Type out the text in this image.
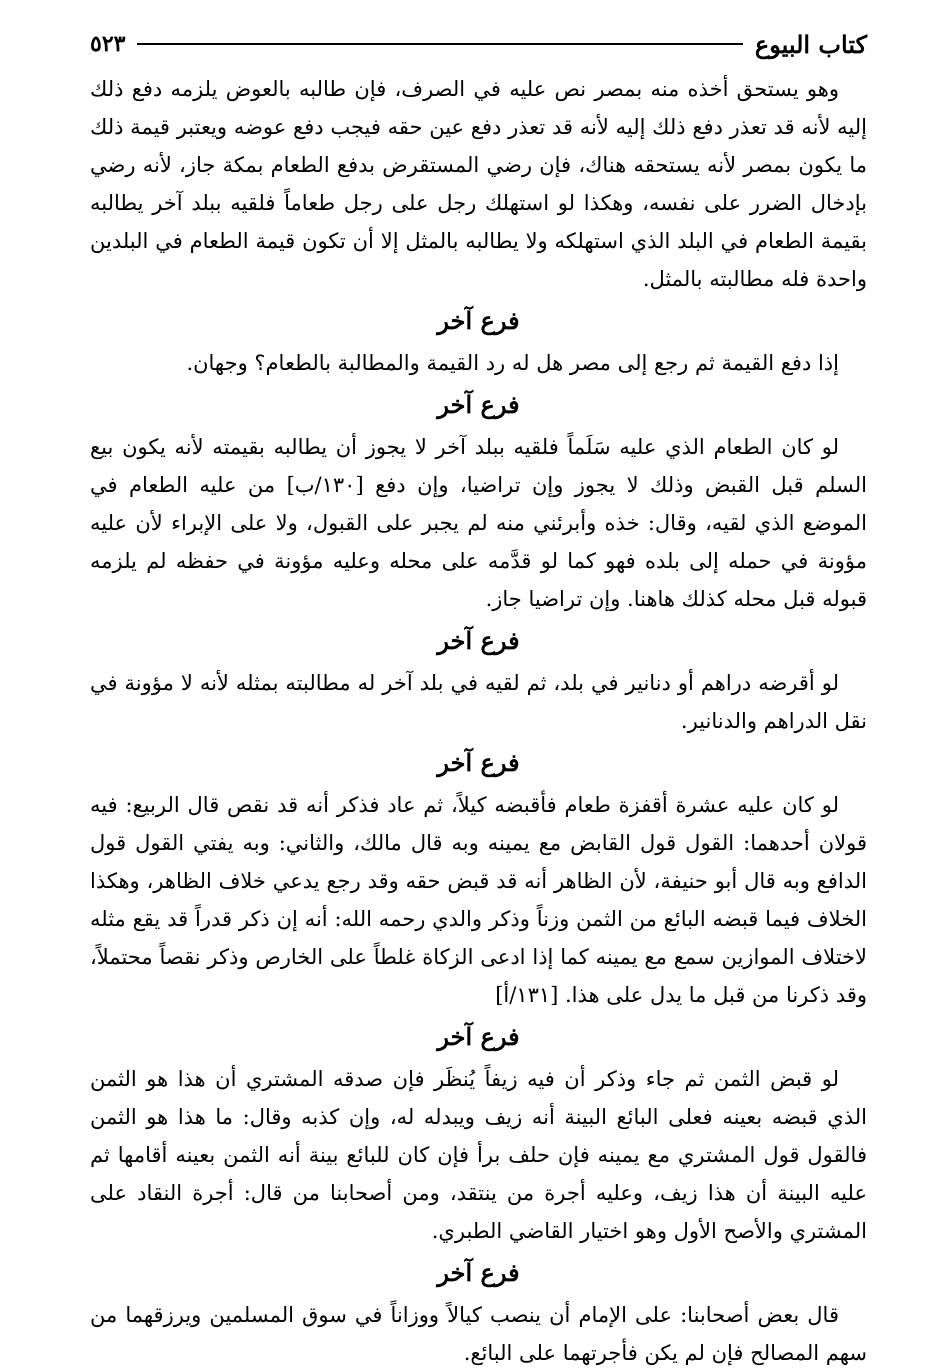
كتاب البيوع
٥٢٣

وهو يستحق أخذه منه بمصر نص عليه في الصرف، فإن طالبه بالعوض يلزمه دفع ذلك إليه لأنه قد تعذر دفع ذلك إليه لأنه قد تعذر دفع عين حقه فيجب دفع عوضه ويعتبر قيمة ذلك ما يكون بمصر لأنه يستحقه هناك، فإن رضي المستقرض بدفع الطعام بمكة جاز، لأنه رضي بإدخال الضرر على نفسه، وهكذا لو استهلك رجل على رجل طعاماً فلقيه ببلد آخر يطالبه بقيمة الطعام في البلد الذي استهلكه ولا يطالبه بالمثل إلا أن تكون قيمة الطعام في البلدين واحدة فله مطالبته بالمثل.

فرع آخر

إذا دفع القيمة ثم رجع إلى مصر هل له رد القيمة والمطالبة بالطعام؟ وجهان.

فرع آخر

لو كان الطعام الذي عليه سَلَماً فلقيه ببلد آخر لا يجوز أن يطالبه بقيمته لأنه يكون بيع السلم قبل القبض وذلك لا يجوز وإن تراضيا، وإن دفع [١٣٠/ب] من عليه الطعام في الموضع الذي لقيه، وقال: خذه وأبرئني منه لم يجبر على القبول، ولا على الإبراء لأن عليه مؤونة في حمله إلى بلده فهو كما لو قدَّمه على محله وعليه مؤونة في حفظه لم يلزمه قبوله قبل محله كذلك هاهنا. وإن تراضيا جاز.

فرع آخر

لو أقرضه دراهم أو دنانير في بلد، ثم لقيه في بلد آخر له مطالبته بمثله لأنه لا مؤونة في نقل الدراهم والدنانير.

فرع آخر

لو كان عليه عشرة أقفزة طعام فأقبضه كيلاً، ثم عاد فذكر أنه قد نقص قال الربيع: فيه قولان أحدهما: القول قول القابض مع يمينه وبه قال مالك، والثاني: وبه يفتي القول قول الدافع وبه قال أبو حنيفة، لأن الظاهر أنه قد قبض حقه وقد رجع يدعي خلاف الظاهر، وهكذا الخلاف فيما قبضه البائع من الثمن وزناً وذكر والدي رحمه الله: أنه إن ذكر قدراً قد يقع مثله لاختلاف الموازين سمع مع يمينه كما إذا ادعى الزكاة غلطاً على الخارص وذكر نقصاً محتملاً، وقد ذكرنا من قبل ما يدل على هذا. [١٣١/أ]

فرع آخر

لو قبض الثمن ثم جاء وذكر أن فيه زيفاً يُنظَر فإن صدقه المشتري أن هذا هو الثمن الذي قبضه بعينه فعلى البائع البينة أنه زيف ويبدله له، وإن كذبه وقال: ما هذا هو الثمن فالقول قول المشتري مع يمينه فإن حلف برأ فإن كان للبائع بينة أنه الثمن بعينه أقامها ثم عليه البينة أن هذا زيف، وعليه أجرة من ينتقد، ومن أصحابنا من قال: أجرة النقاد على المشتري والأصح الأول وهو اختيار القاضي الطبري.

فرع آخر

قال بعض أصحابنا: على الإمام أن ينصب كيالاً ووزاناً في سوق المسلمين ويرزقهما من سهم المصالح فإن لم يكن فأجرتهما على البائع.
